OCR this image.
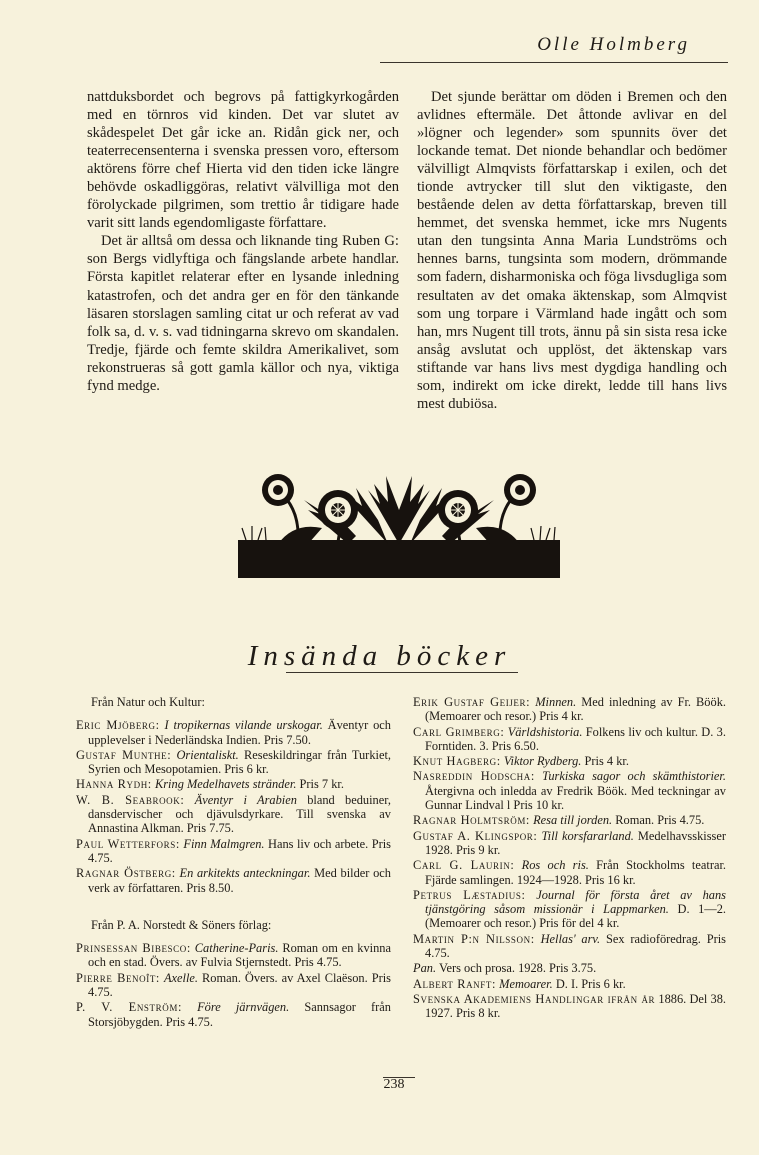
Olle Holmberg

nattduksbordet och begrovs på fattigkyrkogården med en törnros vid kinden. Det var slutet av skådespelet Det går icke an. Ridån gick ner, och teaterrecensenterna i svenska pressen voro, eftersom aktörens förre chef Hierta vid den tiden icke längre behövde oskadliggöras, relativt välvilliga mot den förolyckade pilgrimen, som trettio år tidigare hade varit sitt lands egendomligaste författare.

Det är alltså om dessa och liknande ting Ruben G: son Bergs vidlyftiga och fängslande arbete handlar. Första kapitlet relaterar efter en lysande inledning katastrofen, och det andra ger en för den tänkande läsaren storslagen samling citat ur och referat av vad folk sa, d. v. s. vad tidningarna skrevo om skandalen. Tredje, fjärde och femte skildra Amerikalivet, som rekonstrueras så gott gamla källor och nya, viktiga fynd medge.

Det sjunde berättar om döden i Bremen och den avlidnes eftermäle. Det åttonde avlivar en del »lögner och legender» som spunnits över det lockande temat. Det nionde behandlar och bedömer välvilligt Almqvists författarskap i exilen, och det tionde avtrycker till slut den viktigaste, den bestående delen av detta författarskap, breven till hemmet, det svenska hemmet, icke mrs Nugents utan den tungsinta Anna Maria Lundströms och hennes barns, tungsinta som modern, drömmande som fadern, disharmoniska och föga livsdugliga som resultaten av det omaka äktenskap, som Almqvist som ung torpare i Värmland hade ingått och som han, mrs Nugent till trots, ännu på sin sista resa icke ansåg avslutat och upplöst, det äktenskap vars stiftande var hans livs mest dygdiga handling och som, indirekt om icke direkt, ledde till hans livs mest dubiösa.

Insända böcker

Från Natur och Kultur:

Eric Mjöberg: I tropikernas vilande urskogar. Äventyr och upplevelser i Nederländska Indien. Pris 7.50.

Gustaf Munthe: Orientaliskt. Reseskildringar från Turkiet, Syrien och Mesopotamien. Pris 6 kr.

Hanna Rydh: Kring Medelhavets stränder. Pris 7 kr.

W. B. Seabrook: Äventyr i Arabien bland beduiner, dansdervischer och djävulsdyrkare. Till svenska av Annastina Alkman. Pris 7.75.

Paul Wetterfors: Finn Malmgren. Hans liv och arbete. Pris 4.75.

Ragnar Östberg: En arkitekts anteckningar. Med bilder och verk av författaren. Pris 8.50.

Från P. A. Norstedt & Söners förlag:

Prinsessan Bibesco: Catherine-Paris. Roman om en kvinna och en stad. Övers. av Fulvia Stjernstedt. Pris 4.75.

Pierre Benoît: Axelle. Roman. Övers. av Axel Claëson. Pris 4.75.

P. V. Enström: Före järnvägen. Sannsagor från Storsjöbygden. Pris 4.75.

Erik Gustaf Geijer: Minnen. Med inledning av Fr. Böök. (Memoarer och resor.) Pris 4 kr.

Carl Grimberg: Världshistoria. Folkens liv och kultur. D. 3. Forntiden. 3. Pris 6.50.

Knut Hagberg: Viktor Rydberg. Pris 4 kr.

Nasreddin Hodscha: Turkiska sagor och skämthistorier. Återgivna och inledda av Fredrik Böök. Med teckningar av Gunnar Lindval l Pris 10 kr.

Ragnar Holmtsröm: Resa till jorden. Roman. Pris 4.75.

Gustaf A. Klingspor: Till korsfararland. Medelhavsskisser 1928. Pris 9 kr.

Carl G. Laurin: Ros och ris. Från Stockholms teatrar. Fjärde samlingen. 1924—1928. Pris 16 kr.

Petrus Læstadius: Journal för första året av hans tjänstgöring såsom missionär i Lappmarken. D. 1—2. (Memoarer och resor.) Pris för del 4 kr.

Martin P:n Nilsson: Hellas' arv. Sex radioföredrag. Pris 4.75.

Pan. Vers och prosa. 1928. Pris 3.75.

Albert Ranft: Memoarer. D. I. Pris 6 kr.

Svenska Akademiens Handlingar ifrån år 1886. Del 38. 1927. Pris 8 kr.

238
